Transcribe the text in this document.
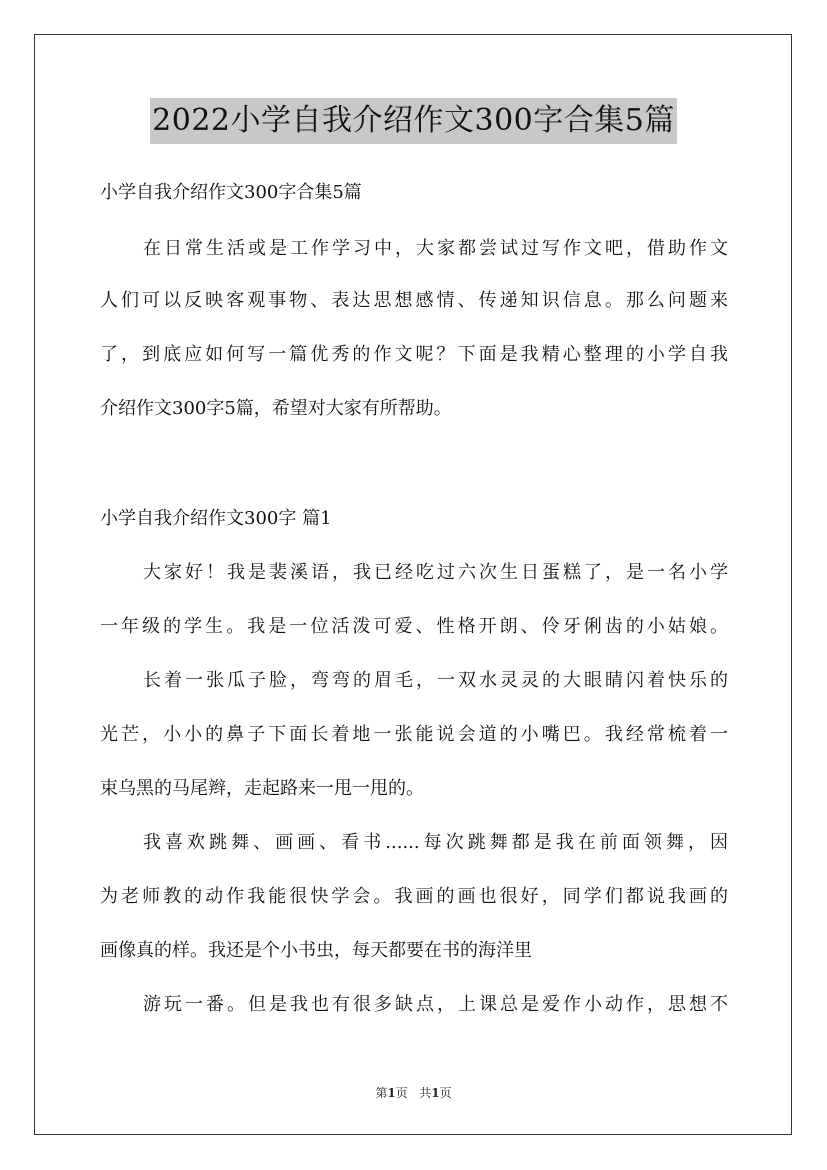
2022小学自我介绍作文300字合集5篇
小学自我介绍作文300字合集5篇
在日常生活或是工作学习中，大家都尝试过写作文吧，借助作文
人们可以反映客观事物、表达思想感情、传递知识信息。那么问题来
了，到底应如何写一篇优秀的作文呢？下面是我精心整理的小学自我
介绍作文300字5篇，希望对大家有所帮助。
小学自我介绍作文300字 篇1
大家好！我是裴溪语，我已经吃过六次生日蛋糕了，是一名小学
一年级的学生。我是一位活泼可爱、性格开朗、伶牙俐齿的小姑娘。
长着一张瓜子脸，弯弯的眉毛，一双水灵灵的大眼睛闪着快乐的
光芒，小小的鼻子下面长着地一张能说会道的小嘴巴。我经常梳着一
束乌黑的马尾辫，走起路来一甩一甩的。
我喜欢跳舞、画画、看书......每次跳舞都是我在前面领舞，因
为老师教的动作我能很快学会。我画的画也很好，同学们都说我画的
画像真的样。我还是个小书虫，每天都要在书的海洋里
游玩一番。但是我也有很多缺点，上课总是爱作小动作，思想不
第1页 共1页
